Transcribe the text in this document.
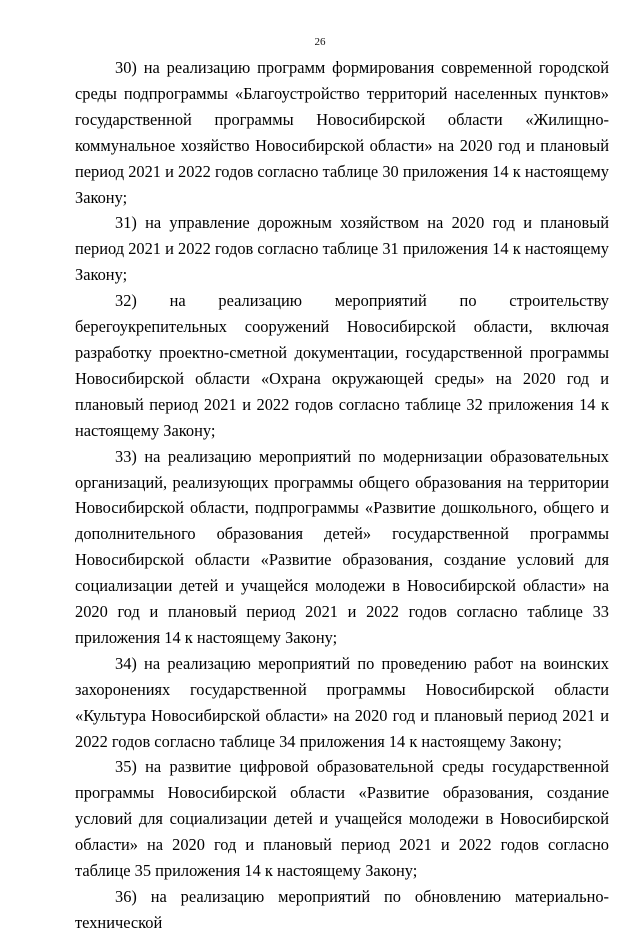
26

30) на реализацию программ формирования современной городской среды подпрограммы «Благоустройство территорий населенных пунктов» государственной программы Новосибирской области «Жилищно-коммунальное хозяйство Новосибирской области» на 2020 год и плановый период 2021 и 2022 годов согласно таблице 30 приложения 14 к настоящему Закону;

31) на управление дорожным хозяйством на 2020 год и плановый период 2021 и 2022 годов согласно таблице 31 приложения 14 к настоящему Закону;

32) на реализацию мероприятий по строительству берегоукрепительных сооружений Новосибирской области, включая разработку проектно-сметной документации, государственной программы Новосибирской области «Охрана окружающей среды» на 2020 год и плановый период 2021 и 2022 годов согласно таблице 32 приложения 14 к настоящему Закону;

33) на реализацию мероприятий по модернизации образовательных организаций, реализующих программы общего образования на территории Новосибирской области, подпрограммы «Развитие дошкольного, общего и дополнительного образования детей» государственной программы Новосибирской области «Развитие образования, создание условий для социализации детей и учащейся молодежи в Новосибирской области» на 2020 год и плановый период 2021 и 2022 годов согласно таблице 33 приложения 14 к настоящему Закону;

34) на реализацию мероприятий по проведению работ на воинских захоронениях государственной программы Новосибирской области «Культура Новосибирской области» на 2020 год и плановый период 2021 и 2022 годов согласно таблице 34 приложения 14 к настоящему Закону;

35) на развитие цифровой образовательной среды государственной программы Новосибирской области «Развитие образования, создание условий для социализации детей и учащейся молодежи в Новосибирской области» на 2020 год и плановый период 2021 и 2022 годов согласно таблице 35 приложения 14 к настоящему Закону;

36) на реализацию мероприятий по обновлению материально-технической
